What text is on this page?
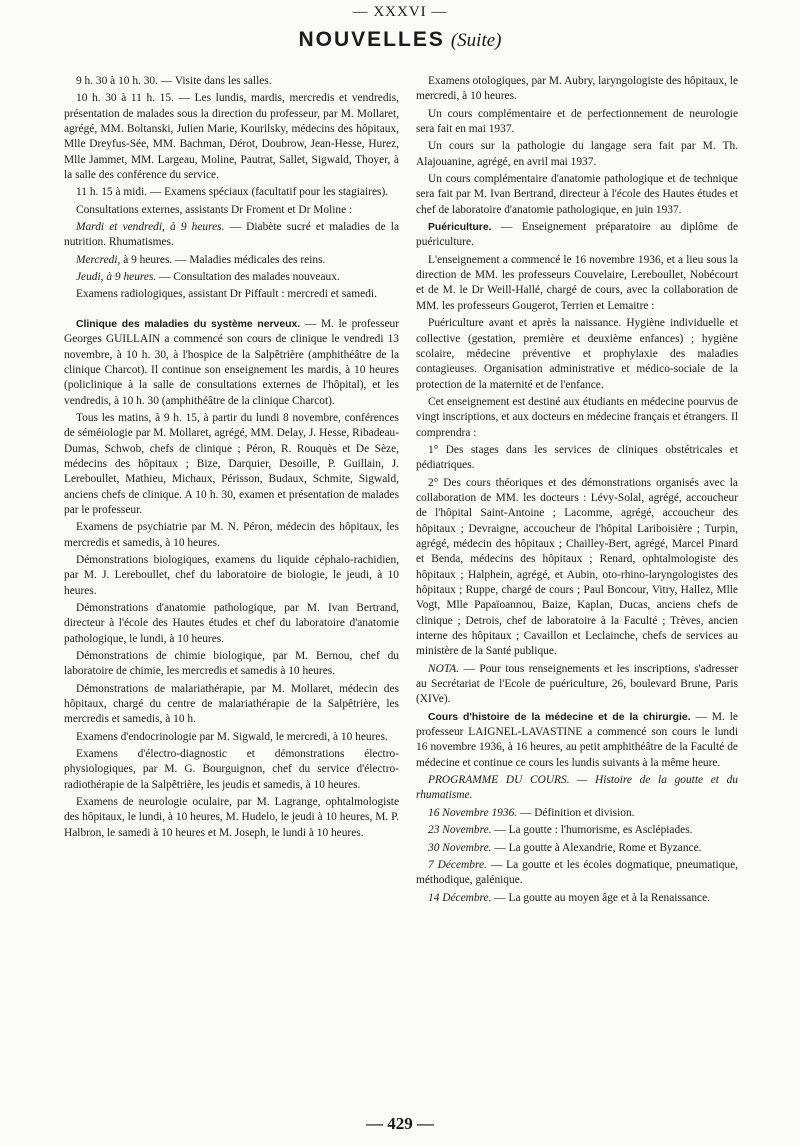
— XXXVI —
NOUVELLES (Suite)

9 h. 30 à 10 h. 30. — Visite dans les salles.

10 h. 30 à 11 h. 15. — Les lundis, mardis, mercredis et vendredis, présentation de malades sous la direction du professeur, par M. Mollaret, agrégé, MM. Boltanski, Julien Marie, Kourilsky, médecins des hôpitaux, Mlle Dreyfus-Sée, MM. Bachman, Dérot, Doubrow, Jean-Hesse, Hurez, Mlle Jammet, MM. Largeau, Moline, Pautrat, Sallet, Sigwald, Thoyer, à la salle des conférence du service.

11 h. 15 à midi. — Examens spéciaux (facultatif pour les stagiaires).

Consultations externes, assistants Dr Froment et Dr Moline :

Mardi et vendredi, à 9 heures. — Diabète sucré et maladies de la nutrition. Rhumatismes.

Mercredi, à 9 heures. — Maladies médicales des reins.

Jeudi, à 9 heures. — Consultation des malades nouveaux.

Examens radiologiques, assistant Dr Piffault : mercredi et samedi.

Clinique des maladies du système nerveux. — M. le professeur Georges GUILLAIN a commencé son cours de clinique le vendredi 13 novembre, à 10 h. 30, à l'hospice de la Salpêtrière (amphithéâtre de la clinique Charcot). Il continue son enseignement les mardis, à 10 heures (policlinique à la salle de consultations externes de l'hôpital), et les vendredis, à 10 h. 30 (amphithéâtre de la clinique Charcot).

Tous les matins, à 9 h. 15, à partir du lundi 8 novembre, conférences de séméiologie par M. Mollaret, agrégé, MM. Delay, J. Hesse, Ribadeau-Dumas, Schwob, chefs de clinique ; Péron, R. Rouquès et De Sèze, médecins des hôpitaux ; Bize, Darquier, Desoille, P. Guillain, J. Lereboullet, Mathieu, Michaux, Périsson, Budaux, Schmite, Sigwald, anciens chefs de clinique. A 10 h. 30, examen et présentation de malades par le professeur.

Examens de psychiatrie par M. N. Péron, médecin des hôpitaux, les mercredis et samedis, à 10 heures.

Démonstrations biologiques, examens du liquide céphalo-rachidien, par M. J. Lereboullet, chef du laboratoire de biologie, le jeudi, à 10 heures.

Démonstrations d'anatomie pathologique, par M. Ivan Bertrand, directeur à l'école des Hautes études et chef du laboratoire d'anatomie pathologique, le lundi, à 10 heures.

Démonstrations de chimie biologique, par M. Bernou, chef du laboratoire de chimie, les mercredis et samedis à 10 heures.

Démonstrations de malariathérapie, par M. Mollaret, médecin des hôpitaux, chargé du centre de malariathérapie de la Salpêtrière, les mercredis et samedis, à 10 h.

Examens d'endocrinologie par M. Sigwald, le mercredi, à 10 heures.

Examens d'électro-diagnostic et démonstrations électro-physiologiques, par M. G. Bourguignon, chef du service d'électro-radiothérapie de la Salpêtrière, les jeudis et samedis, à 10 heures.

Examens de neurologie oculaire, par M. Lagrange, ophtalmologiste des hôpitaux, le lundi, à 10 heures, M. Hudelo, le jeudi à 10 heures, M. P. Halbron, le samedi à 10 heures et M. Joseph, le lundi à 10 heures.

Examens otologiques, par M. Aubry, laryngologiste des hôpitaux, le mercredi, à 10 heures.

Un cours complémentaire et de perfectionnement de neurologie sera fait en mai 1937.

Un cours sur la pathologie du langage sera fait par M. Th. Alajouanine, agrégé, en avril mai 1937.

Un cours complémentaire d'anatomie pathologique et de technique sera fait par M. Ivan Bertrand, directeur à l'école des Hautes études et chef de laboratoire d'anatomie pathologique, en juin 1937.

Puériculture. — Enseignement préparatoire au diplôme de puériculture.

L'enseignement a commencé le 16 novembre 1936, et a lieu sous la direction de MM. les professeurs Couvelaire, Lereboullet, Nobécourt et de M. le Dr Weill-Hallé, chargé de cours, avec la collaboration de MM. les professeurs Gougerot, Terrien et Lemaitre :

Puériculture avant et après la naissance. Hygiène individuelle et collective (gestation, première et deuxième enfances) ; hygiène scolaire, médecine préventive et prophylaxie des maladies contagieuses. Organisation administrative et médico-sociale de la protection de la maternité et de l'enfance.

Cet enseignement est destiné aux étudiants en médecine pourvus de vingt inscriptions, et aux docteurs en médecine français et étrangers. Il comprendra :

1° Des stages dans les services de cliniques obstétricales et pédiatriques.

2° Des cours théoriques et des démonstrations organisés avec la collaboration de MM. les docteurs : Lévy-Solal, agrégé, accoucheur de l'hôpital Saint-Antoine ; Lacomme, agrégé, accoucheur des hôpitaux ; Devraigne, accoucheur de l'hôpital Lariboisière ; Turpin, agrégé, médecin des hôpitaux ; Chailley-Bert, agrégé, Marcel Pinard et Benda, médecins des hôpitaux ; Renard, ophtalmologiste des hôpitaux ; Halphein, agrégé, et Aubin, oto-rhino-laryngologistes des hôpitaux ; Ruppe, chargé de cours ; Paul Boncour, Vitry, Hallez, Mlle Vogt, Mlle Papaïoannou, Baize, Kaplan, Ducas, anciens chefs de clinique ; Detrois, chef de laboratoire à la Faculté ; Trèves, ancien interne des hôpitaux ; Cavaillon et Leclainche, chefs de services au ministère de la Santé publique.

NOTA. — Pour tous renseignements et les inscriptions, s'adresser au Secrétariat de l'Ecole de puériculture, 26, boulevard Brune, Paris (XIVe).

Cours d'histoire de la médecine et de la chirurgie. — M. le professeur LAIGNEL-LAVASTINE a commencé son cours le lundi 16 novembre 1936, à 16 heures, au petit amphithéâtre de la Faculté de médecine et continue ce cours les lundis suivants à la même heure.

PROGRAMME DU COURS. — Histoire de la goutte et du rhumatisme.

16 Novembre 1936. — Définition et division.

23 Novembre. — La goutte : l'humorisme, es Asclépiades.

30 Novembre. — La goutte à Alexandrie, Rome et Byzance.

7 Décembre. — La goutte et les écoles dogmatique, pneumatique, méthodique, galénique.

14 Décembre. — La goutte au moyen âge et à la Renaissance.

— 429 —
